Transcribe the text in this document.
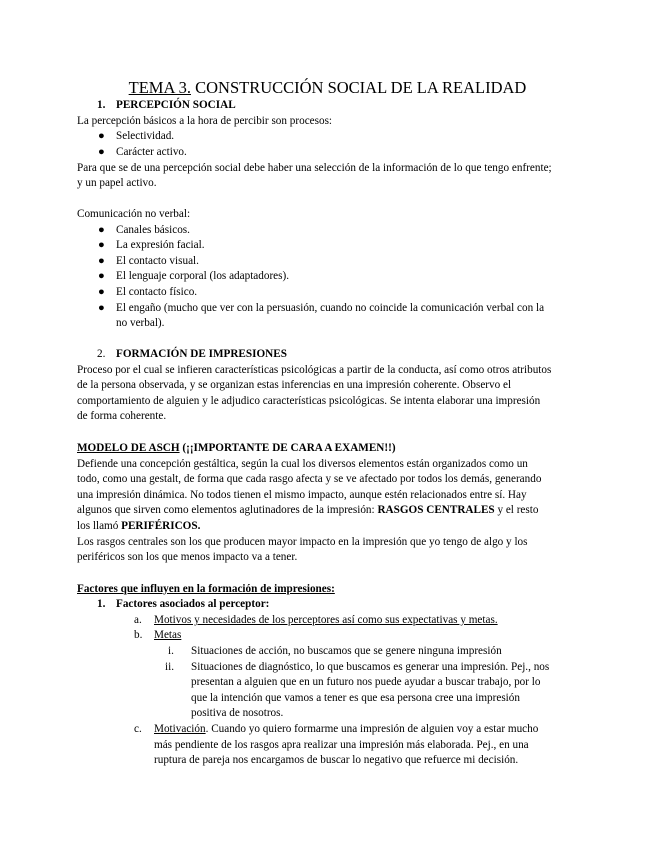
TEMA 3. CONSTRUCCIÓN SOCIAL DE LA REALIDAD
1. PERCEPCIÓN SOCIAL
La percepción básicos a la hora de percibir son procesos:
● Selectividad.
● Carácter activo.
Para que se de una percepción social debe haber una selección de la información de lo que tengo enfrente;
y un papel activo.
Comunicación no verbal:
● Canales básicos.
● La expresión facial.
● El contacto visual.
● El lenguaje corporal (los adaptadores).
● El contacto físico.
● El engaño (mucho que ver con la persuasión, cuando no coincide la comunicación verbal con la
no verbal).
2. FORMACIÓN DE IMPRESIONES
Proceso por el cual se infieren características psicológicas a partir de la conducta, así como otros atributos
de la persona observada, y se organizan estas inferencias en una impresión coherente. Observo el
comportamiento de alguien y le adjudico características psicológicas. Se intenta elaborar una impresión
de forma coherente.
MODELO DE ASCH (¡¡IMPORTANTE DE CARA A EXAMEN!!)
Defiende una concepción gestáltica, según la cual los diversos elementos están organizados como un
todo, como una gestalt, de forma que cada rasgo afecta y se ve afectado por todos los demás, generando
una impresión dinámica. No todos tienen el mismo impacto, aunque estén relacionados entre sí. Hay
algunos que sirven como elementos aglutinadores de la impresión: RASGOS CENTRALES y el resto
los llamó PERIFÉRICOS.
Los rasgos centrales son los que producen mayor impacto en la impresión que yo tengo de algo y los
periféricos son los que menos impacto va a tener.
Factores que influyen en la formación de impresiones:
1. Factores asociados al perceptor:
a. Motivos y necesidades de los perceptores así como sus expectativas y metas.
b. Metas
i. Situaciones de acción, no buscamos que se genere ninguna impresión
ii. Situaciones de diagnóstico, lo que buscamos es generar una impresión. Pej., nos
presentan a alguien que en un futuro nos puede ayudar a buscar trabajo, por lo
que la intención que vamos a tener es que esa persona cree una impresión
positiva de nosotros.
c. Motivación. Cuando yo quiero formarme una impresión de alguien voy a estar mucho
más pendiente de los rasgos apra realizar una impresión más elaborada. Pej., en una
ruptura de pareja nos encargamos de buscar lo negativo que refuerce mi decisión.
